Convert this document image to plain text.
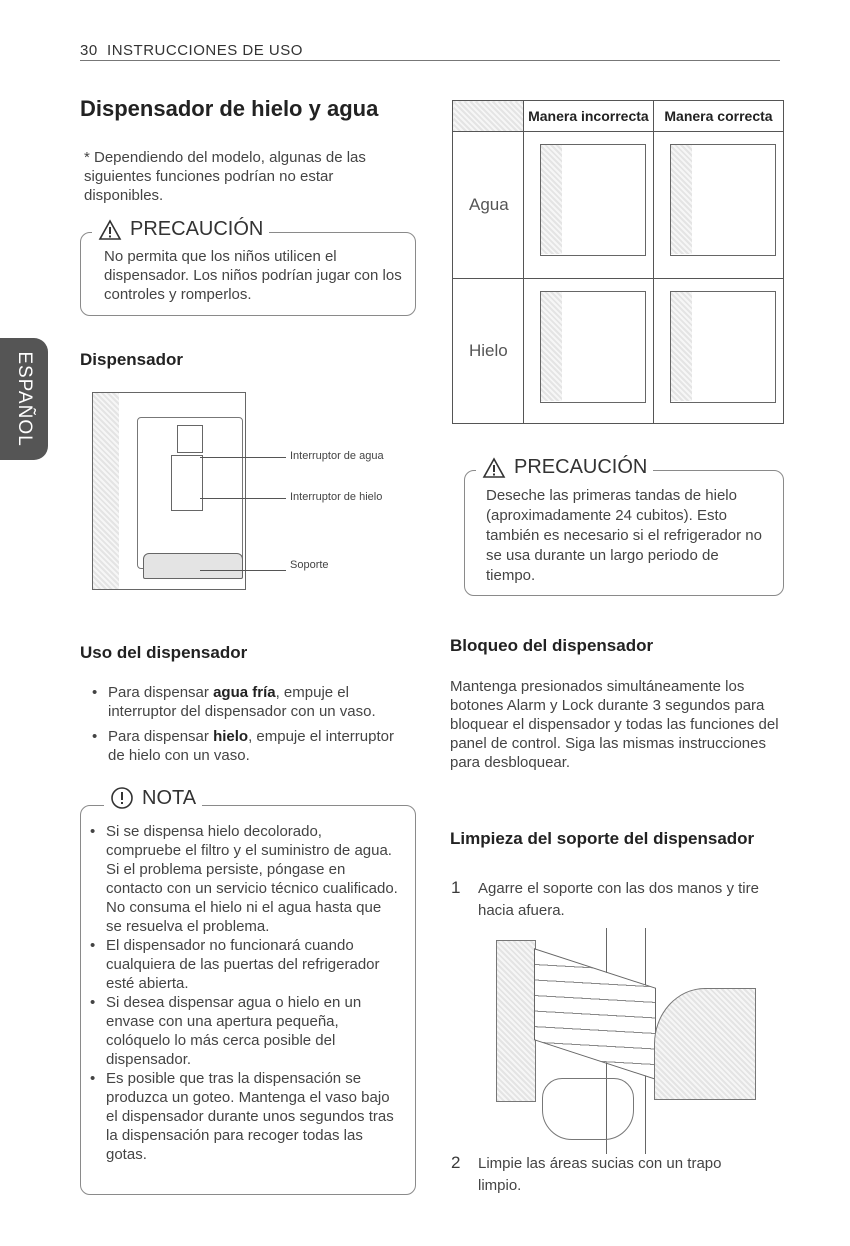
30 INSTRUCCIONES DE USO
ESPAÑOL
Dispensador de hielo y agua
* Dependiendo del modelo, algunas de las siguientes funciones podrían no estar disponibles.
PRECAUCIÓN
No permita que los niños utilicen el dispensador. Los niños podrían jugar con los controles y romperlos.
Dispensador
Interruptor de agua
Interruptor de hielo
Soporte
	Manera incorrecta	Manera correcta
Agua	

Hielo	

PRECAUCIÓN
Deseche las primeras tandas de hielo (aproximadamente 24 cubitos). Esto también es necesario si el refrigerador no se usa durante un largo periodo de tiempo.
Uso del dispensador
• Para dispensar agua fría, empuje el interruptor del dispensador con un vaso.
• Para dispensar hielo, empuje el interruptor de hielo con un vaso.
NOTA
• Si se dispensa hielo decolorado, compruebe el filtro y el suministro de agua. Si el problema persiste, póngase en contacto con un servicio técnico cualificado. No consuma el hielo ni el agua hasta que se resuelva el problema.
• El dispensador no funcionará cuando cualquiera de las puertas del refrigerador esté abierta.
• Si desea dispensar agua o hielo en un envase con una apertura pequeña, colóquelo lo más cerca posible del dispensador.
• Es posible que tras la dispensación se produzca un goteo. Mantenga el vaso bajo el dispensador durante unos segundos tras la dispensación para recoger todas las gotas.
Bloqueo del dispensador
Mantenga presionados simultáneamente los botones Alarm y Lock durante 3 segundos para bloquear el dispensador y todas las funciones del panel de control. Siga las mismas instrucciones para desbloquear.
Limpieza del soporte del dispensador
1 Agarre el soporte con las dos manos y tire hacia afuera.
2 Limpie las áreas sucias con un trapo limpio.
